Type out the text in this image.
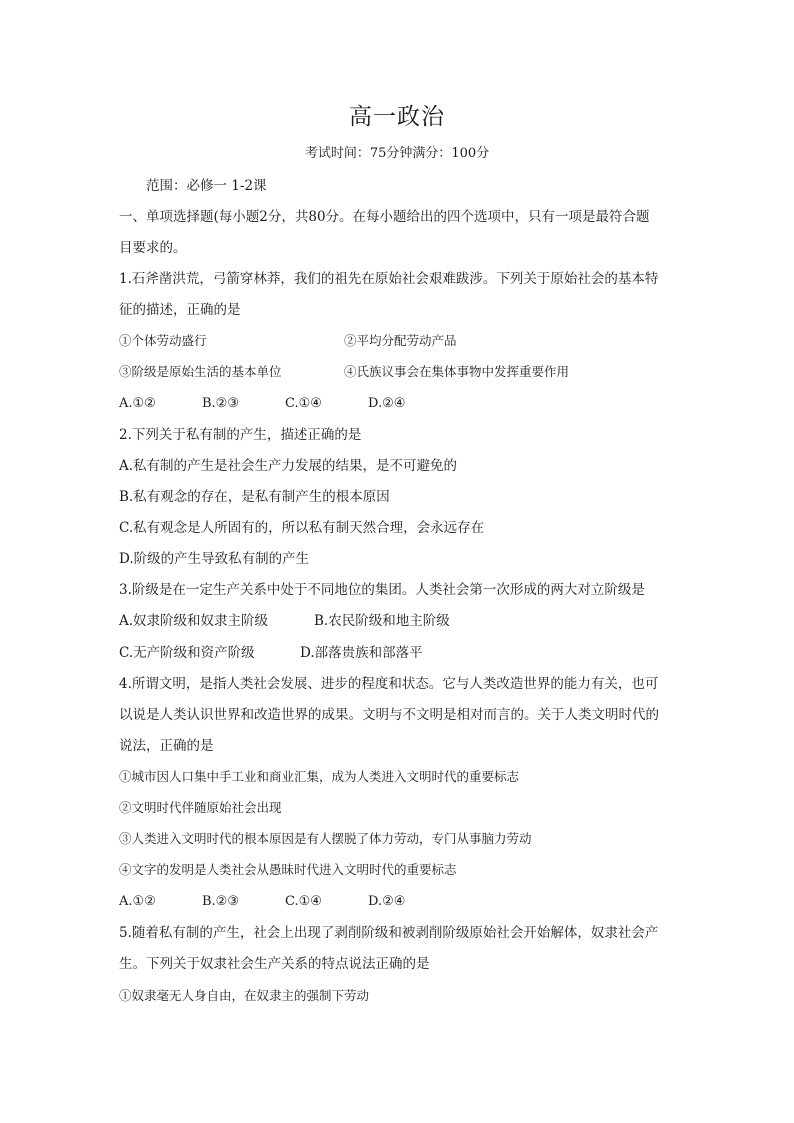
高一政治
考试时间：75分钟满分：100分
范围：必修一 1-2课
一、单项选择题(每小题2分，共80分。在每小题给出的四个选项中，只有一项是最符合题
目要求的。
1.石斧凿洪荒，弓箭穿林莽，我们的祖先在原始社会艰难跋涉。下列关于原始社会的基本特
征的描述，正确的是
①个体劳动盛行	②平均分配劳动产品
③阶级是原始生活的基本单位	④氏族议事会在集体事物中发挥重要作用
A.①②	B.②③	C.①④	D.②④
2.下列关于私有制的产生，描述正确的是
A.私有制的产生是社会生产力发展的结果，是不可避免的
B.私有观念的存在，是私有制产生的根本原因
C.私有观念是人所固有的，所以私有制天然合理，会永远存在
D.阶级的产生导致私有制的产生
3.阶级是在一定生产关系中处于不同地位的集团。人类社会第一次形成的两大对立阶级是
A.奴隶阶级和奴隶主阶级	B.农民阶级和地主阶级
C.无产阶级和资产阶级	D.部落贵族和部落平
4.所谓文明，是指人类社会发展、进步的程度和状态。它与人类改造世界的能力有关，也可
以说是人类认识世界和改造世界的成果。文明与不文明是相对而言的。关于人类文明时代的
说法，正确的是
①城市因人口集中手工业和商业汇集，成为人类进入文明时代的重要标志
②文明时代伴随原始社会出现
③人类进入文明时代的根本原因是有人摆脱了体力劳动，专门从事脑力劳动
④文字的发明是人类社会从愚昧时代进入文明时代的重要标志
A.①②	B.②③	C.①④	D.②④
5.随着私有制的产生，社会上出现了剥削阶级和被剥削阶级原始社会开始解体，奴隶社会产
生。下列关于奴隶社会生产关系的特点说法正确的是
①奴隶毫无人身自由，在奴隶主的强制下劳动
